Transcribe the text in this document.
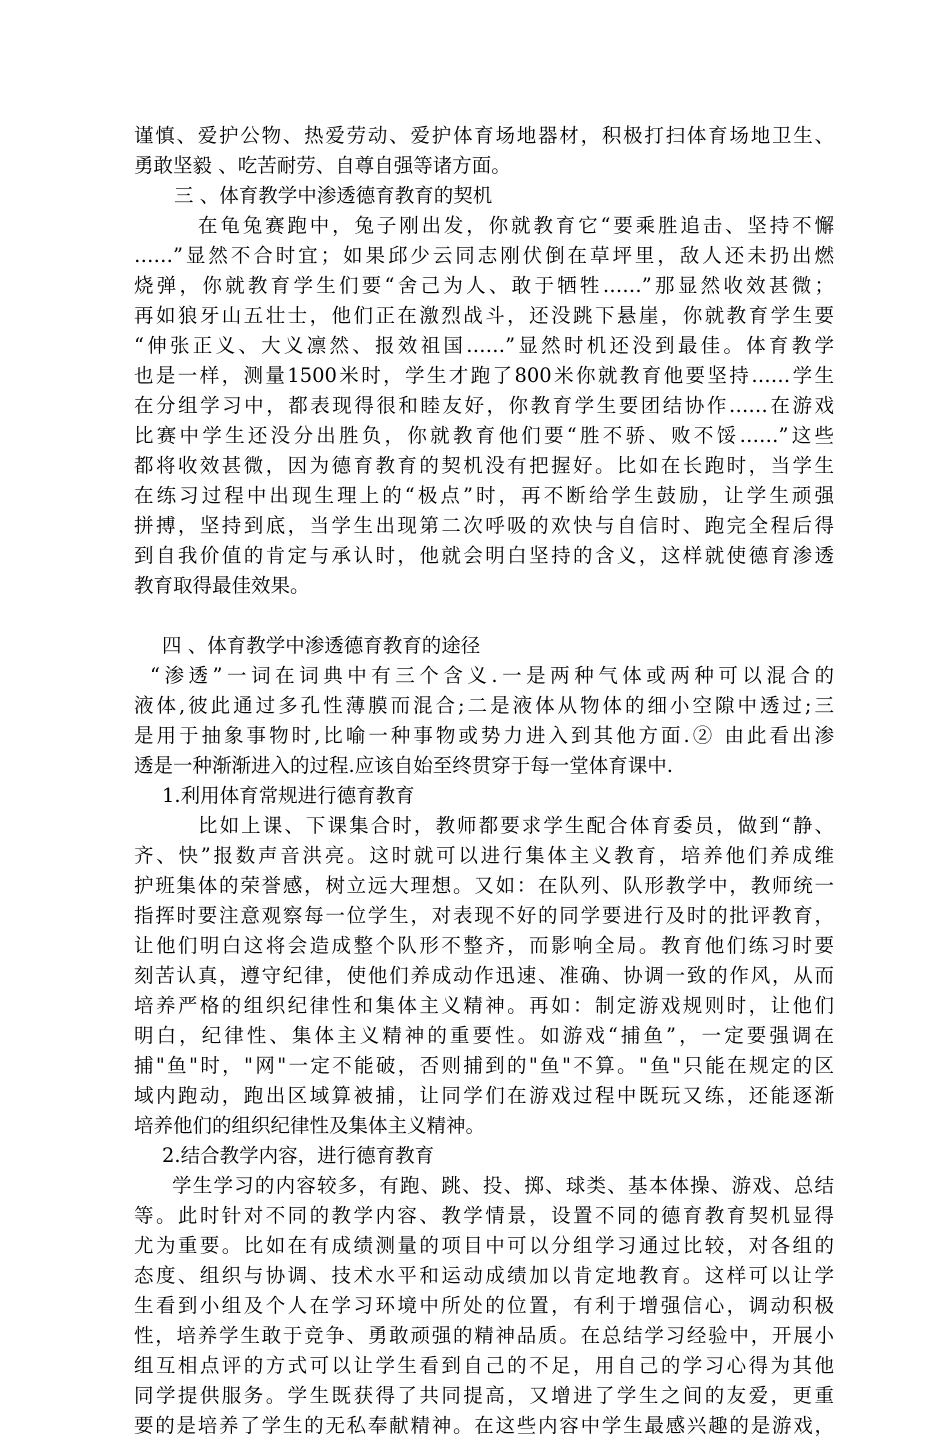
谨慎、爱护公物、热爱劳动、爱护体育场地器材，积极打扫体育场地卫生、
勇敢坚毅 、吃苦耐劳、自尊自强等诸方面。
三 、体育教学中渗透德育教育的契机
在龟兔赛跑中，兔子刚出发，你就教育它“要乘胜追击、坚持不懈
……”显然不合时宜；如果邱少云同志刚伏倒在草坪里，敌人还未扔出燃
烧弹，你就教育学生们要“舍己为人、敢于牺牲……”那显然收效甚微；
再如狼牙山五壮士，他们正在激烈战斗，还没跳下悬崖，你就教育学生要
“伸张正义、大义凛然、报效祖国……”显然时机还没到最佳。体育教学
也是一样，测量1500米时，学生才跑了800米你就教育他要坚持……学生
在分组学习中，都表现得很和睦友好，你教育学生要团结协作……在游戏
比赛中学生还没分出胜负，你就教育他们要“胜不骄、败不馁……”这些
都将收效甚微，因为德育教育的契机没有把握好。比如在长跑时，当学生
在练习过程中出现生理上的“极点”时，再不断给学生鼓励，让学生顽强
拼搏，坚持到底，当学生出现第二次呼吸的欢快与自信时、跑完全程后得
到自我价值的肯定与承认时，他就会明白坚持的含义，这样就使德育渗透
教育取得最佳效果。
四 、体育教学中渗透德育教育的途径
“渗透”一词在词典中有三个含义.一是两种气体或两种可以混合的
液体,彼此通过多孔性薄膜而混合;二是液体从物体的细小空隙中透过;三
是用于抽象事物时,比喻一种事物或势力进入到其他方面.② 由此看出渗
透是一种渐渐进入的过程.应该自始至终贯穿于每一堂体育课中.
1.利用体育常规进行德育教育
比如上课、下课集合时，教师都要求学生配合体育委员，做到“静、
齐、快”报数声音洪亮。这时就可以进行集体主义教育，培养他们养成维
护班集体的荣誉感，树立远大理想。又如：在队列、队形教学中，教师统一
指挥时要注意观察每一位学生，对表现不好的同学要进行及时的批评教育，
让他们明白这将会造成整个队形不整齐，而影响全局。教育他们练习时要
刻苦认真，遵守纪律，使他们养成动作迅速、准确、协调一致的作风，从而
培养严格的组织纪律性和集体主义精神。再如：制定游戏规则时，让他们
明白，纪律性、集体主义精神的重要性。如游戏“捕鱼”，一定要强调在
捕"鱼"时，"网"一定不能破，否则捕到的"鱼"不算。"鱼"只能在规定的区
域内跑动，跑出区域算被捕，让同学们在游戏过程中既玩又练，还能逐渐
培养他们的组织纪律性及集体主义精神。
2.结合教学内容，进行德育教育
学生学习的内容较多，有跑、跳、投、掷、球类、基本体操、游戏、总结
等。此时针对不同的教学内容、教学情景，设置不同的德育教育契机显得
尤为重要。比如在有成绩测量的项目中可以分组学习通过比较，对各组的
态度、组织与协调、技术水平和运动成绩加以肯定地教育。这样可以让学
生看到小组及个人在学习环境中所处的位置，有利于增强信心，调动积极
性，培养学生敢于竞争、勇敢顽强的精神品质。在总结学习经验中，开展小
组互相点评的方式可以让学生看到自己的不足，用自己的学习心得为其他
同学提供服务。学生既获得了共同提高，又增进了学生之间的友爱，更重
要的是培养了学生的无私奉献精神。在这些内容中学生最感兴趣的是游戏，
